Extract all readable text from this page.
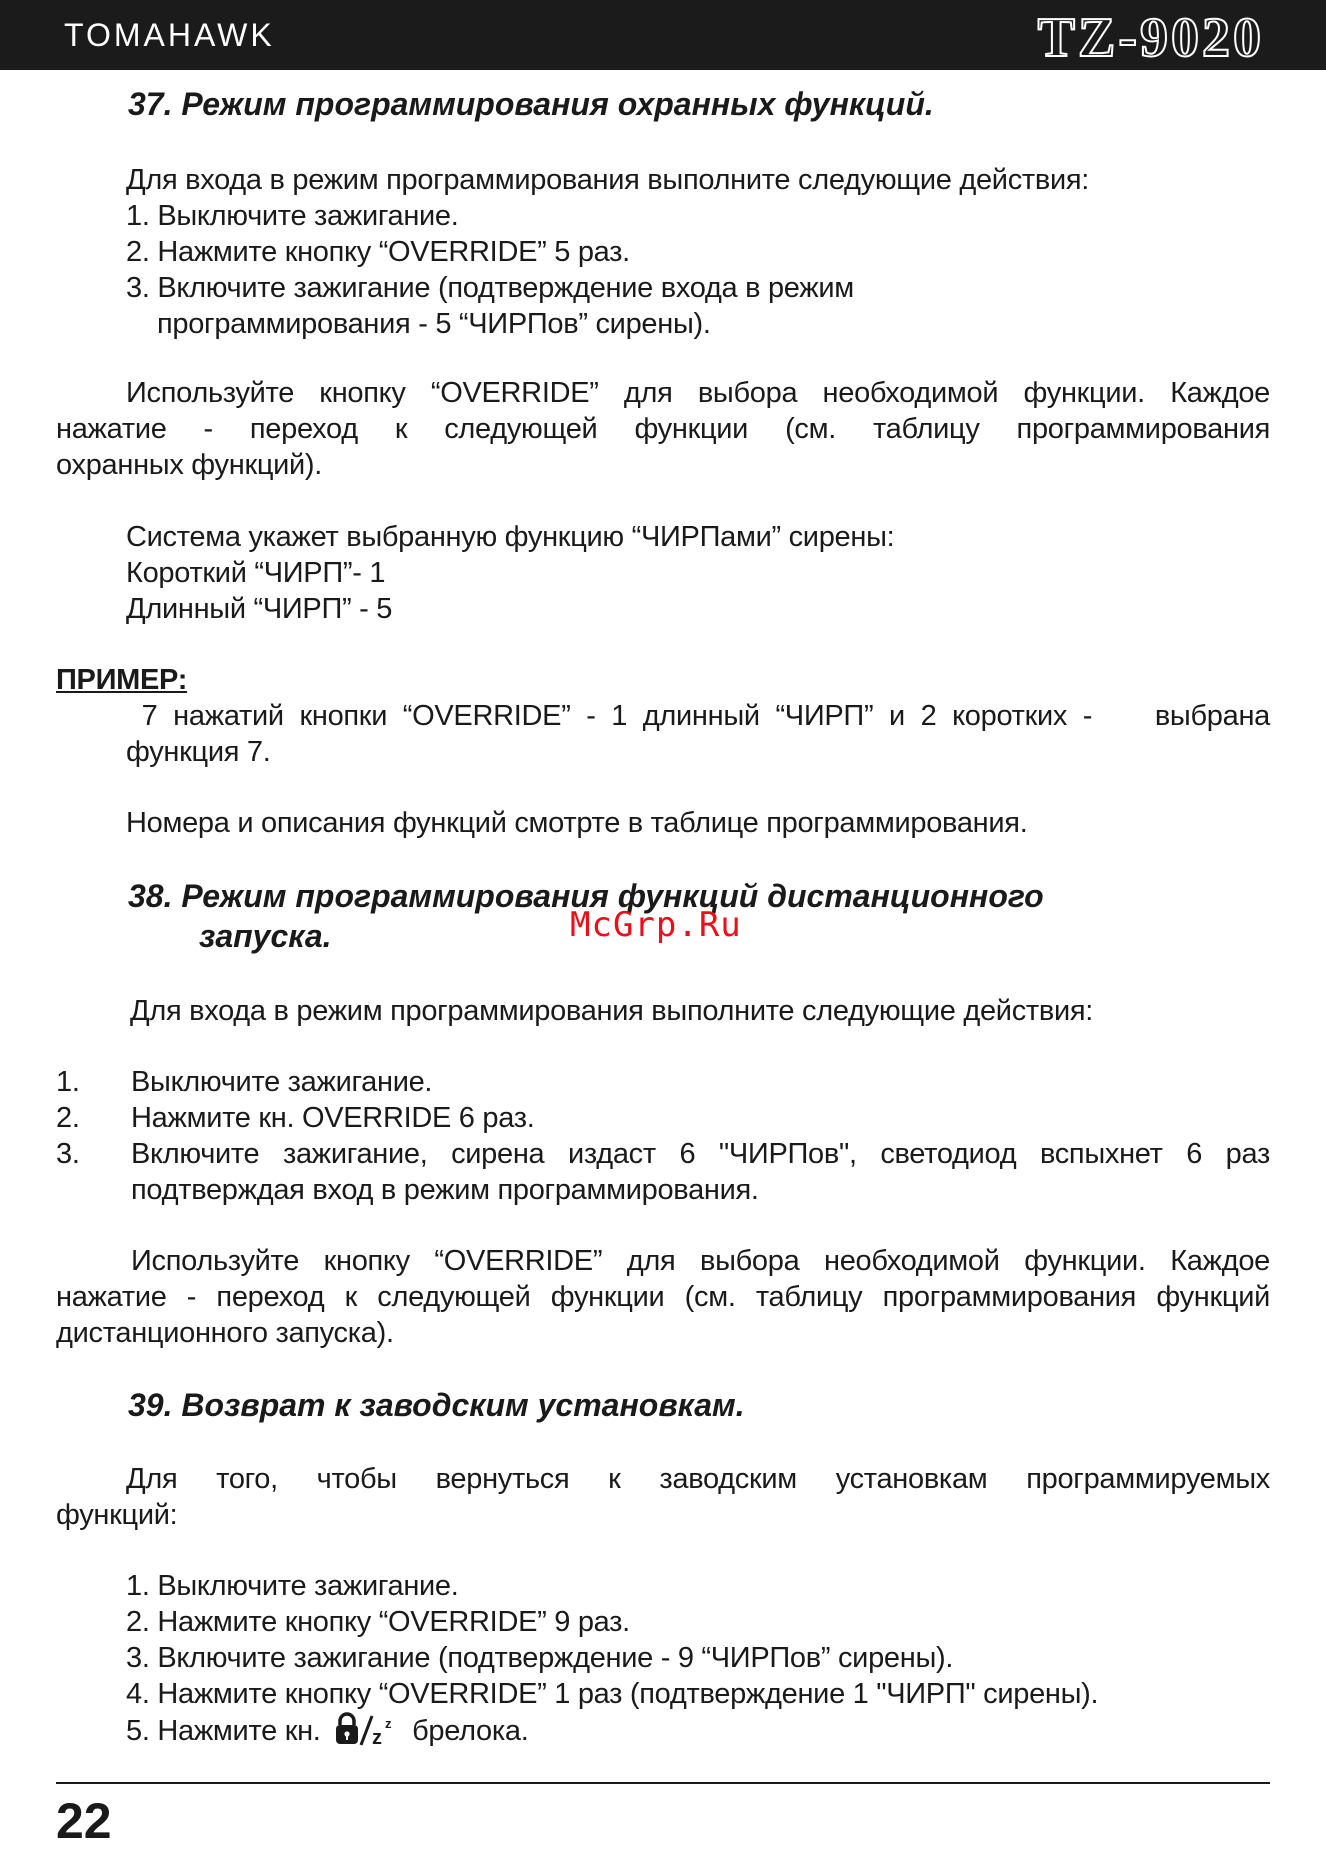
TOMAHAWK	TZ-9020
37. Режим программирования охранных функций.
Для входа в режим программирования выполните следующие действия:
1. Выключите зажигание.
2. Нажмите кнопку “OVERRIDE” 5 раз.
3. Включите зажигание (подтверждение входа в режим
программирования - 5 “ЧИРПов” сирены).
Используйте кнопку “OVERRIDE” для выбора необходимой функции. Каждое
нажатие - переход к следующей функции (см. таблицу программирования
охранных функций).
Система укажет выбранную функцию “ЧИРПами” сирены:
Короткий “ЧИРП”- 1
Длинный “ЧИРП” - 5
ПРИМЕР:
7 нажатий кнопки “OVERRIDE” - 1 длинный “ЧИРП” и 2 коротких -    выбрана
функция 7.
Номера и описания функций смотрте в таблице программирования.
38. Режим программирования функций дистанционного
запуска.
Для входа в режим программирования выполните следующие действия:
1. Выключите зажигание.
2. Нажмите кн. OVERRIDE 6 раз.
3. Включите зажигание, сирена издаст 6 "ЧИРПов", светодиод вспыхнет 6 раз
подтверждая вход в режим программирования.
Используйте кнопку “OVERRIDE” для выбора необходимой функции. Каждое
нажатие - переход к следующей функции (см. таблицу программирования функций
дистанционного запуска).
39. Возврат к заводским установкам.
Для того, чтобы вернуться к заводским установкам программируемых
функций:
1. Выключите зажигание.
2. Нажмите кнопку “OVERRIDE” 9 раз.
3. Включите зажигание (подтверждение - 9 “ЧИРПов” сирены).
4. Нажмите кнопку “OVERRIDE” 1 раз (подтверждение 1 "ЧИРП" сирены).
5. Нажмите кн.	z
z брелока.
McGrp.Ru
22
